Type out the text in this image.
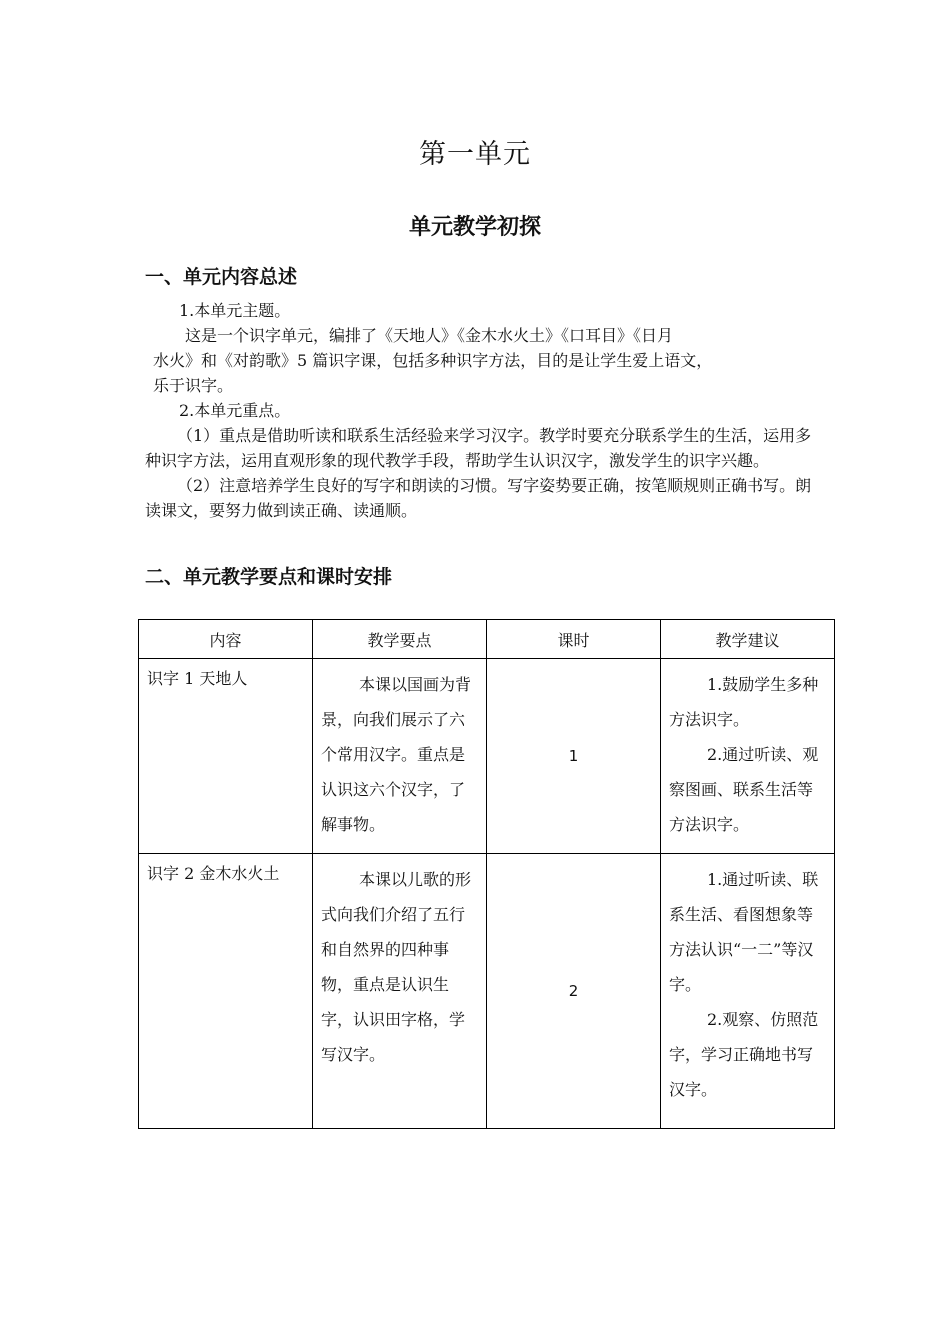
第一单元
单元教学初探
一、单元内容总述

1.本单元主题。

这是一个识字单元，编排了《天地人》《金木水火土》《口耳目》《日月

水火》和《对韵歌》5 篇识字课，包括多种识字方法，目的是让学生爱上语文，

乐于识字。

2.本单元重点。

（1）重点是借助听读和联系生活经验来学习汉字。教学时要充分联系学生的生活，运用多种识字方法，运用直观形象的现代教学手段，帮助学生认识汉字，激发学生的识字兴趣。

（2）注意培养学生良好的写字和朗读的习惯。写字姿势要正确，按笔顺规则正确书写。朗读课文，要努力做到读正确、读通顺。

二、单元教学要点和课时安排
内容	教学要点	课时	教学建议
识字 1 天地人	本课以国画为背景，向我们展示了六个常用汉字。重点是认识这六个汉字，了解事物。	1	1.鼓励学生多种方法识字。

2.通过听读、观察图画、联系生活等方法识字。

识字 2 金木水火土	本课以儿歌的形式向我们介绍了五行和自然界的四种事物，重点是认识生字，认识田字格，学写汉字。	2	1.通过听读、联系生活、看图想象等方法认识“一二”等汉字。

2.观察、仿照范字，学习正确地书写汉字。
